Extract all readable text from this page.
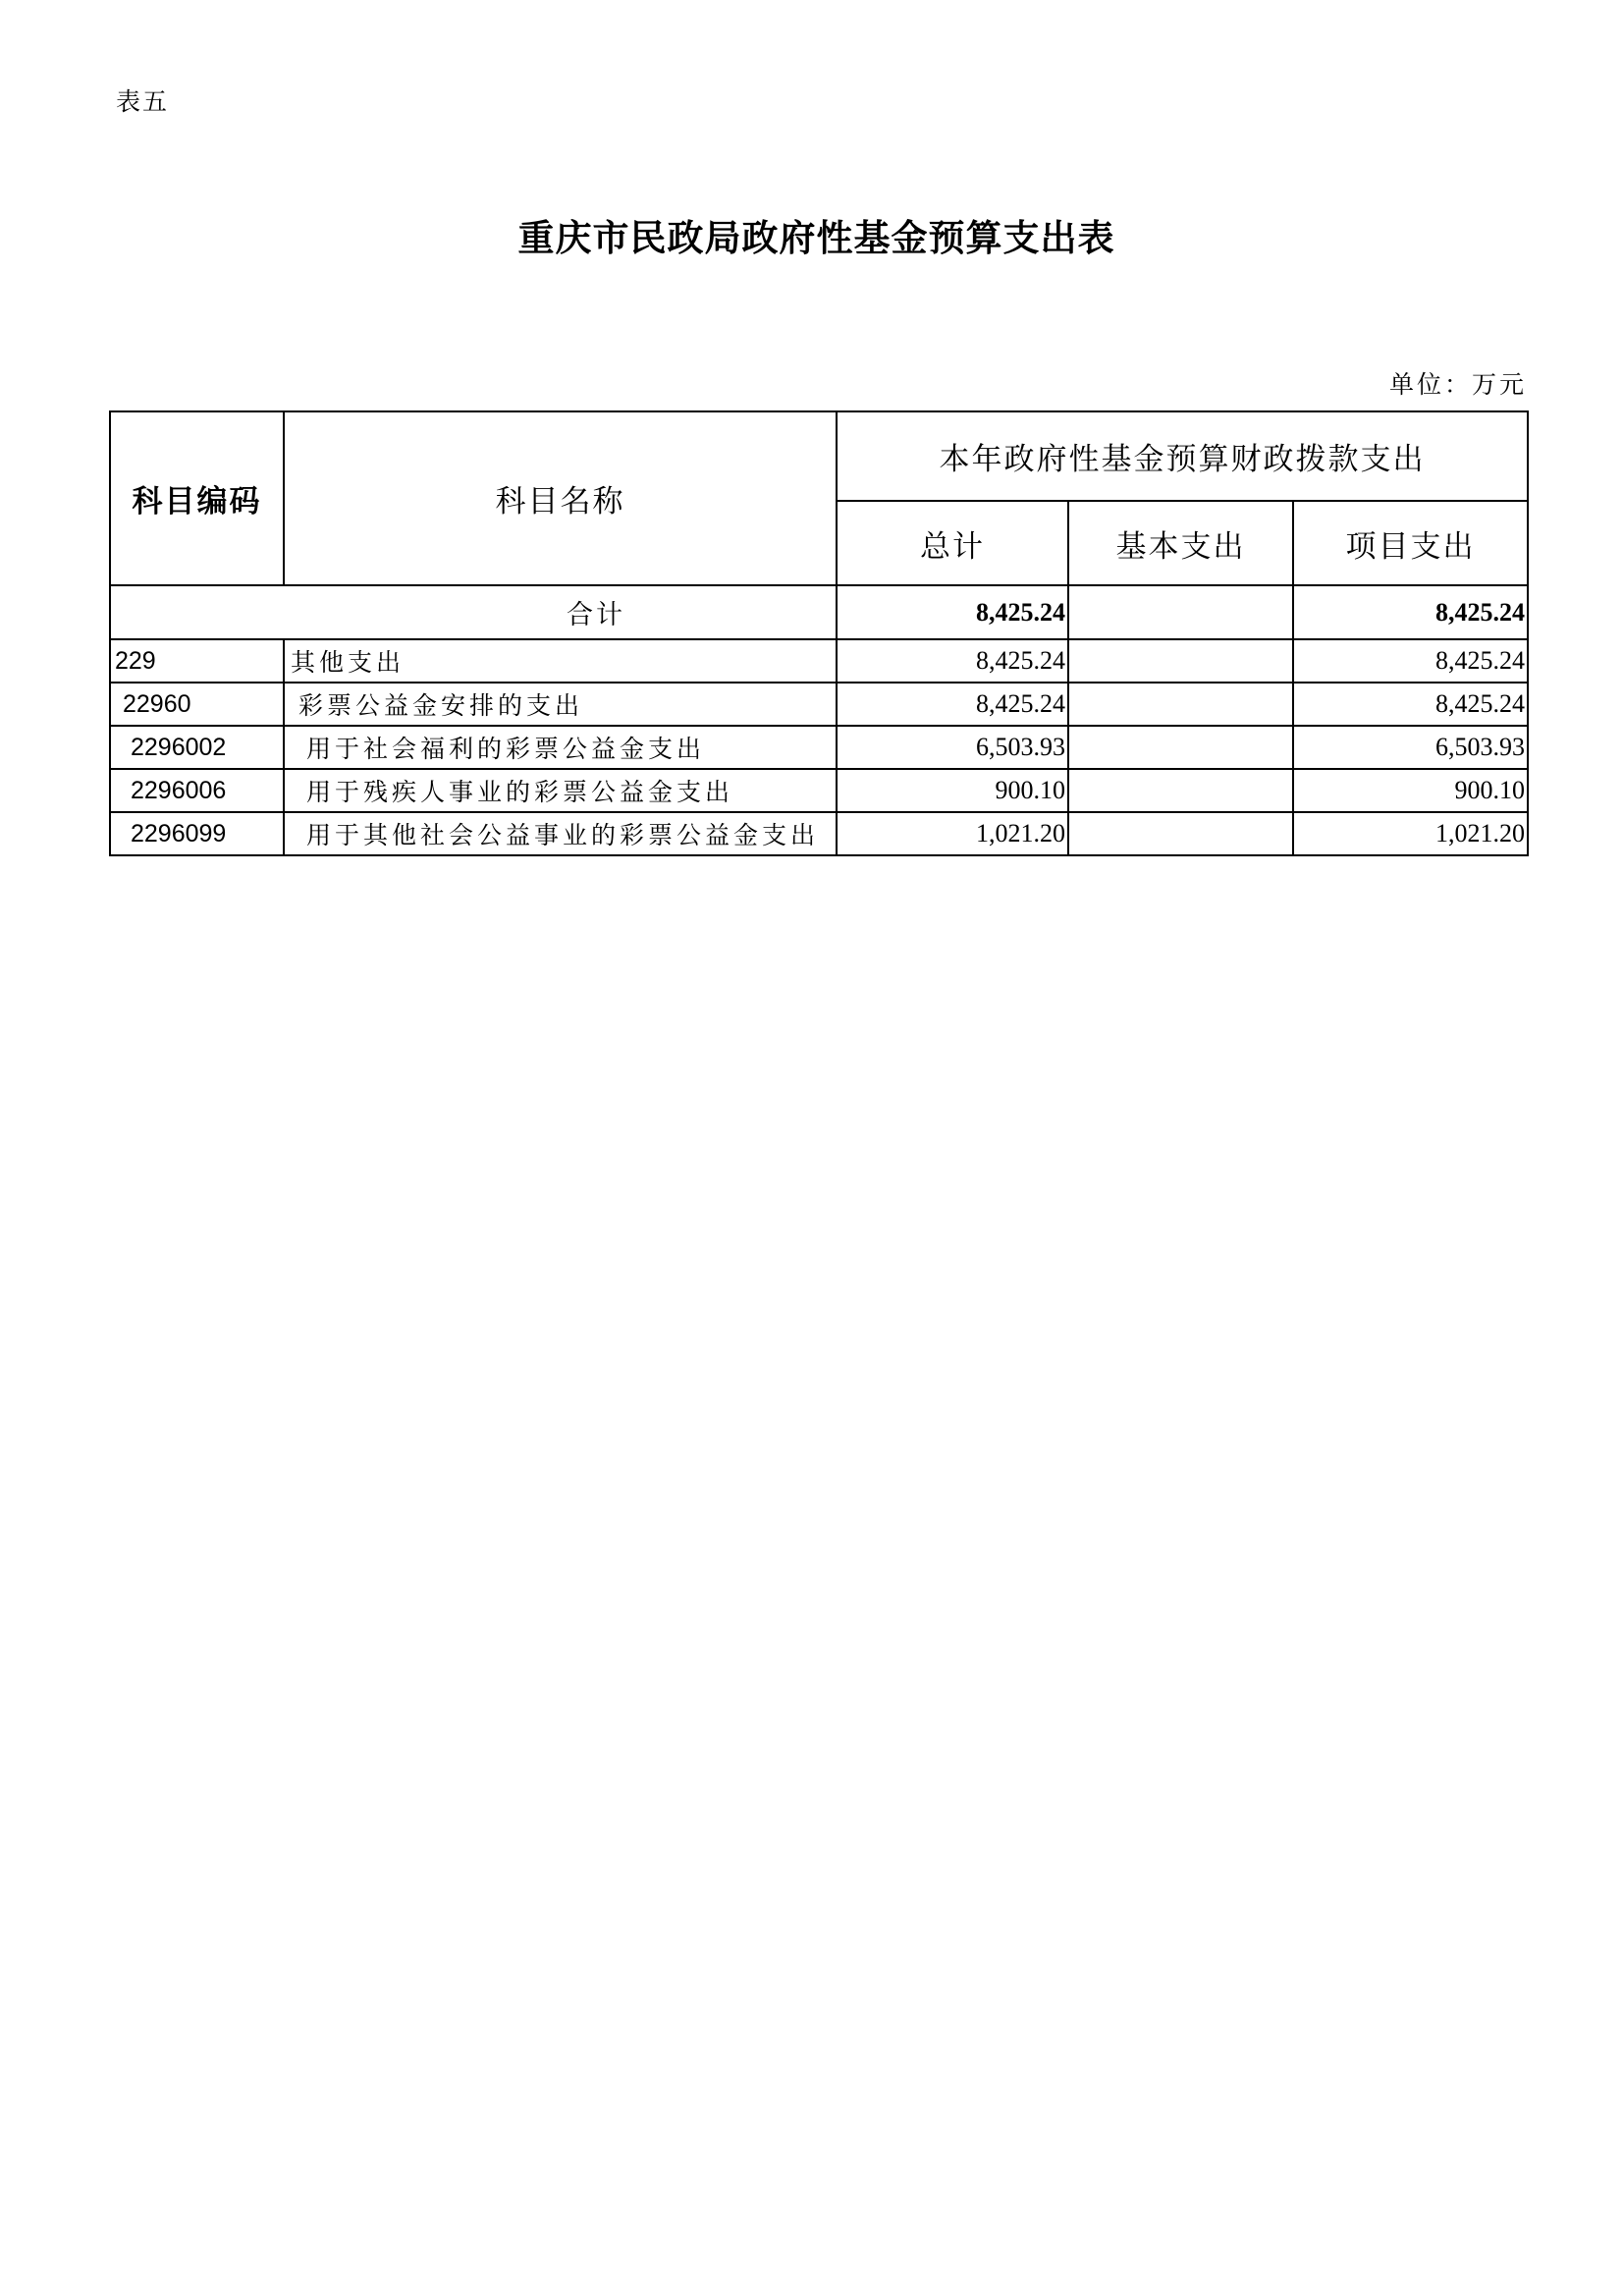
表五
重庆市民政局政府性基金预算支出表
单位：万元
科目编码	科目名称	本年政府性基金预算财政拨款支出		
		总计	基本支出	项目支出
合计		8,425.24		8,425.24
229	其他支出	8,425.24		8,425.24
22960	彩票公益金安排的支出	8,425.24		8,425.24
2296002	用于社会福利的彩票公益金支出	6,503.93		6,503.93
2296006	用于残疾人事业的彩票公益金支出	900.10		900.10
2296099	用于其他社会公益事业的彩票公益金支出	1,021.20		1,021.20
